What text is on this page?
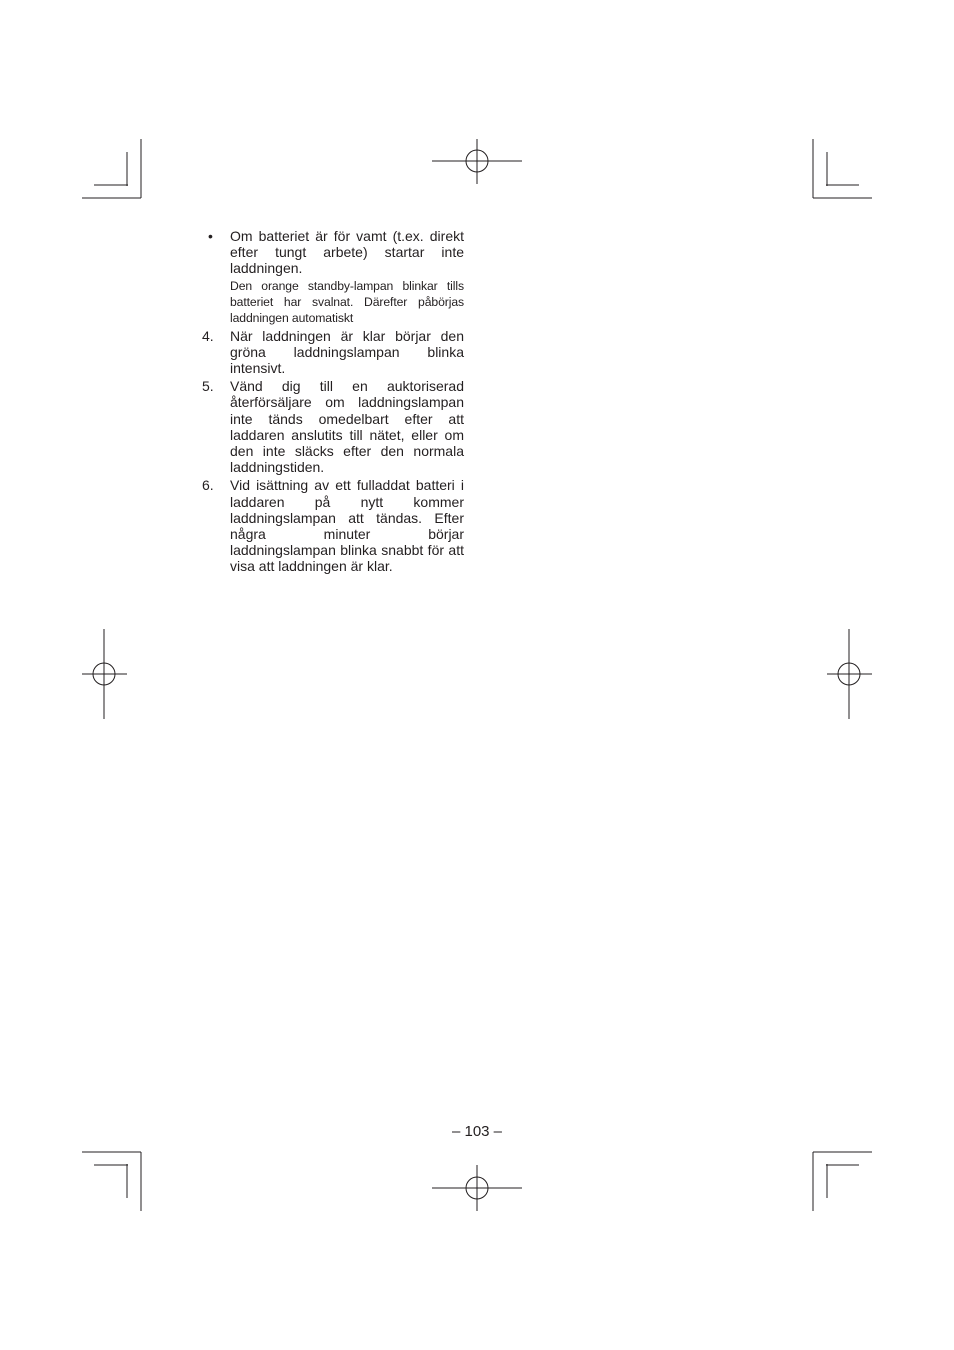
•	Om batteriet är för vamt (t.ex. direkt efter tungt arbete) startar inte laddningen.
Den orange standby-lampan blinkar tills batteriet har svalnat. Därefter påbörjas laddningen automatiskt
4.	När laddningen är klar börjar den gröna laddningslampan blinka intensivt.
5.	Vänd dig till en auktoriserad återförsäljare om laddningslampan inte tänds omedelbart efter att laddaren anslutits till nätet, eller om den inte släcks efter den normala laddningstiden.
6.	Vid isättning av ett fulladdat batteri i laddaren på nytt kommer laddningslampan att tändas. Efter några minuter börjar laddningslampan blinka snabbt för att visa att laddningen är klar.
– 103 –
